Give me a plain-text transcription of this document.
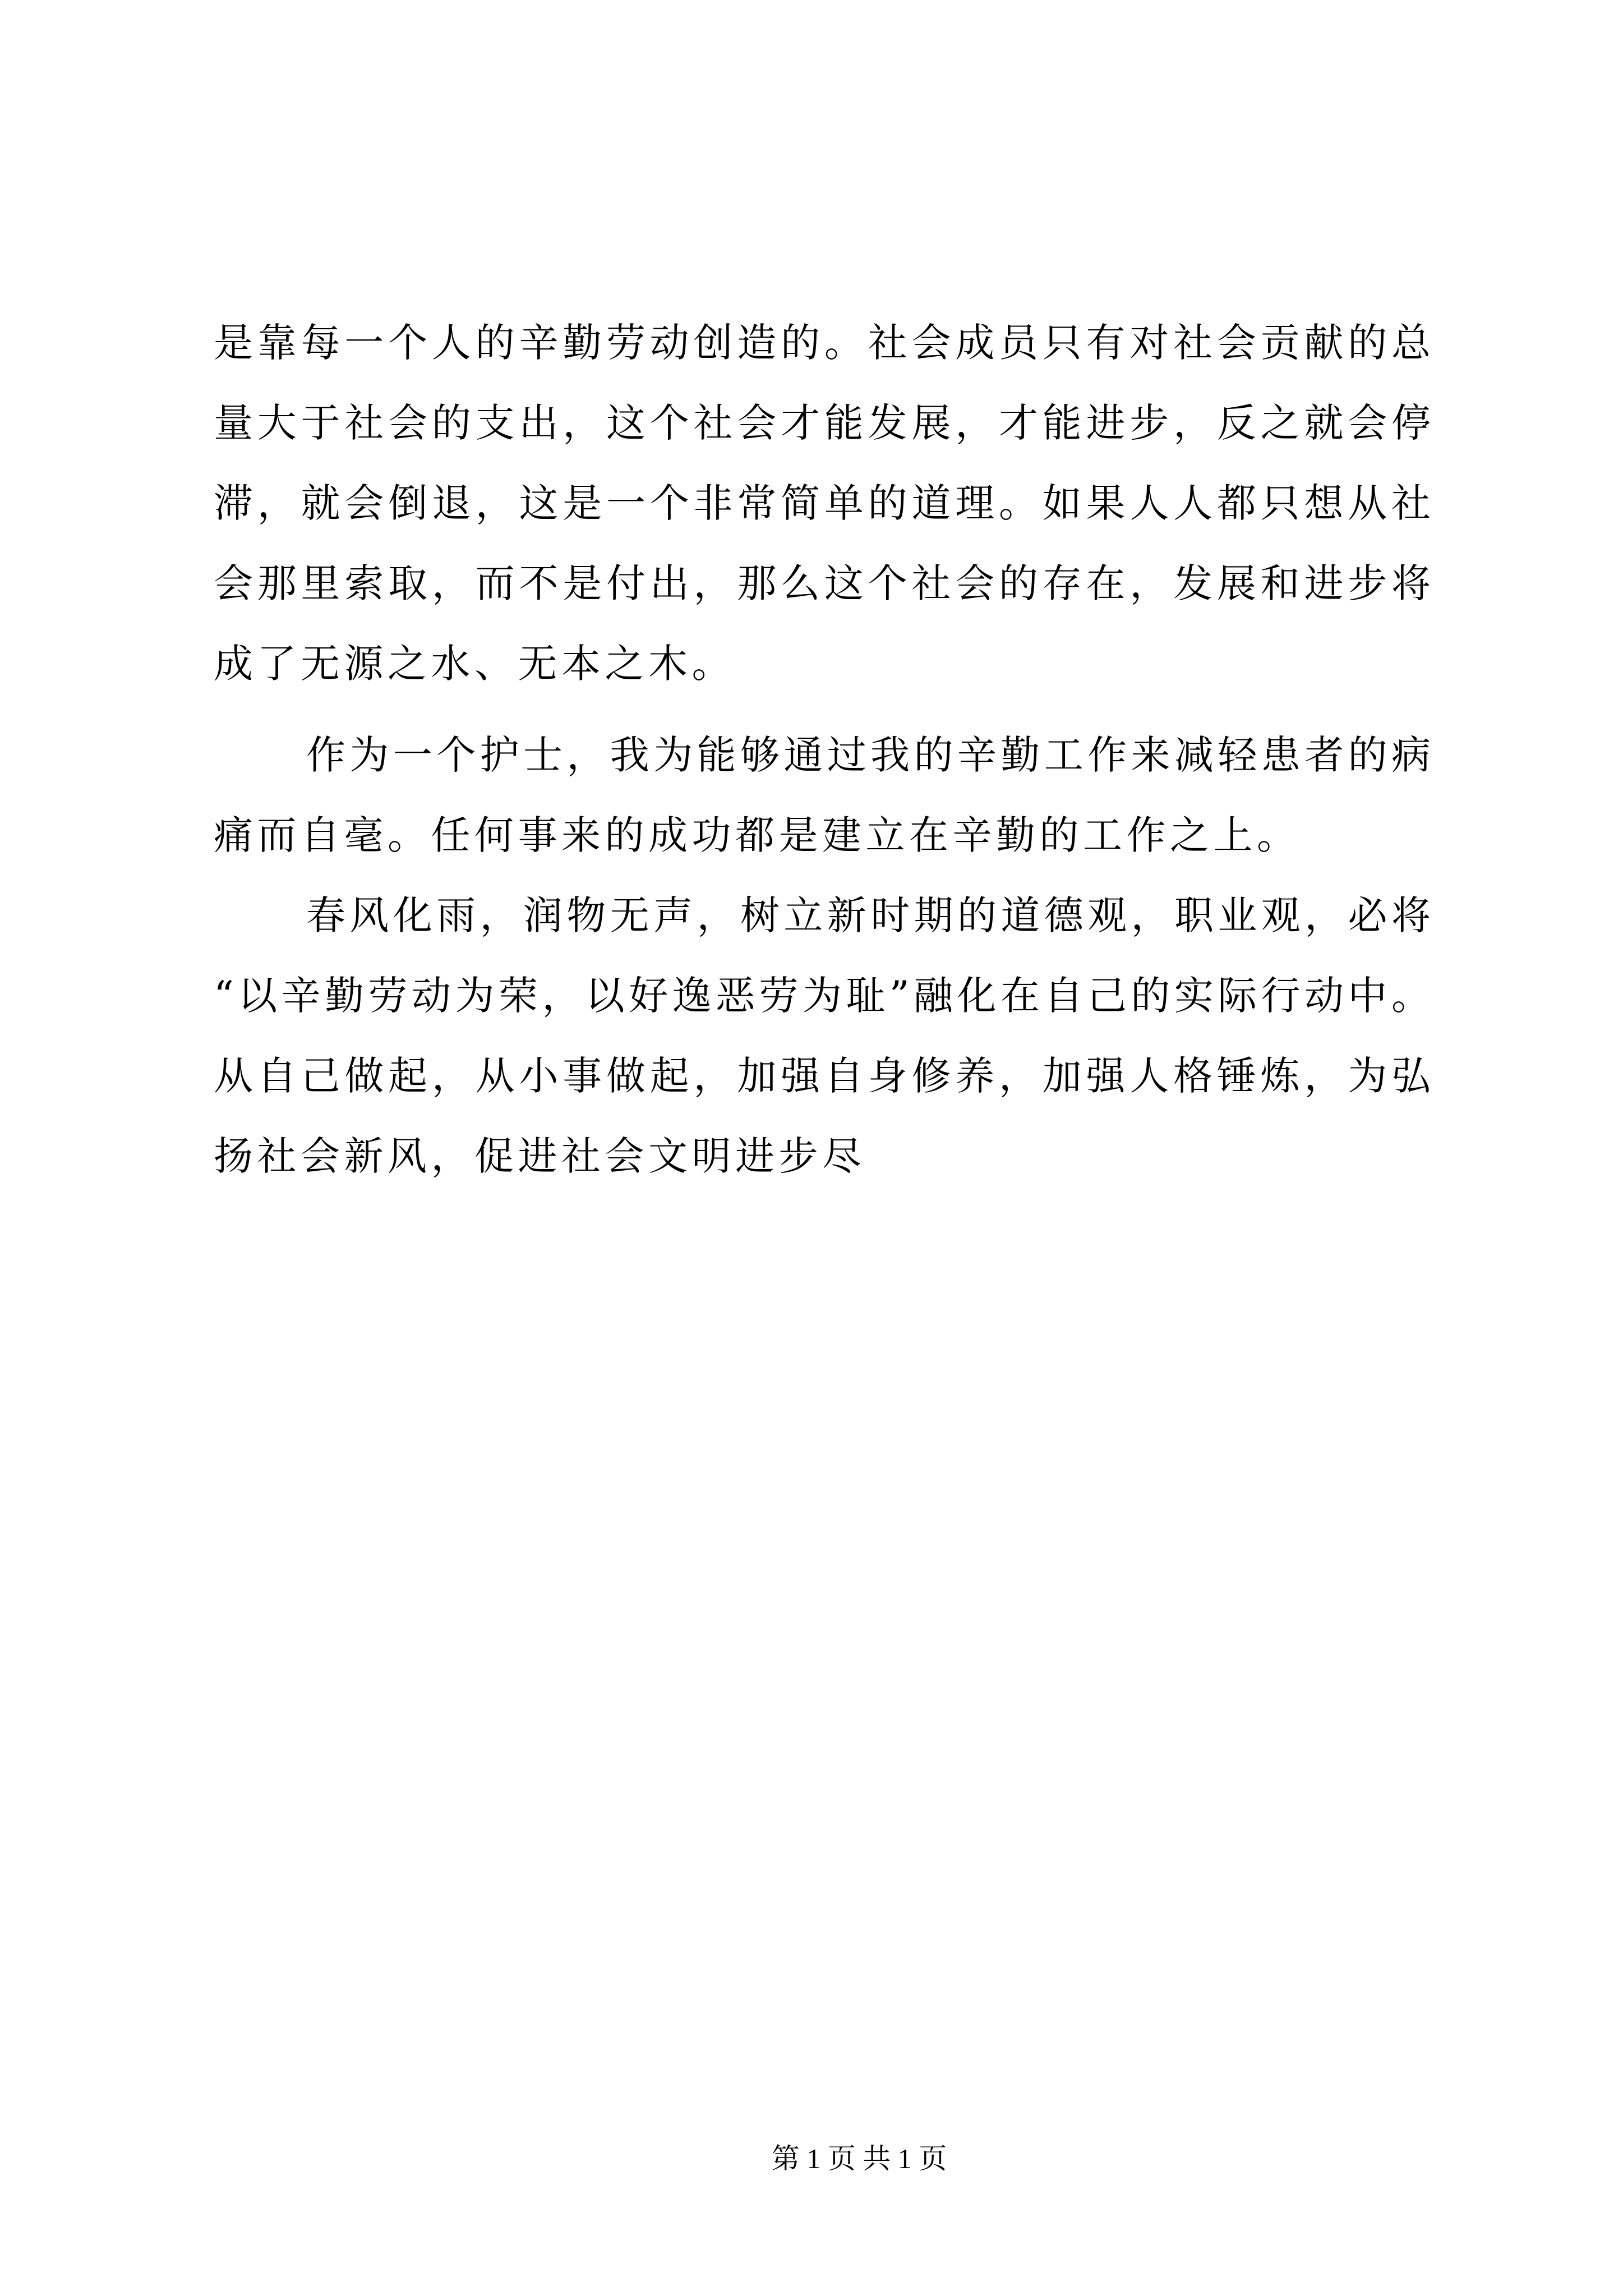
是靠每一个人的辛勤劳动创造的。社会成员只有对社会贡献的总
量大于社会的支出，这个社会才能发展，才能进步，反之就会停
滞，就会倒退，这是一个非常简单的道理。如果人人都只想从社
会那里索取，而不是付出，那么这个社会的存在，发展和进步将
成了无源之水、无本之木。
作为一个护士，我为能够通过我的辛勤工作来减轻患者的病
痛而自毫。任何事来的成功都是建立在辛勤的工作之上。
春风化雨，润物无声，树立新时期的道德观，职业观，必将
“以辛勤劳动为荣，以好逸恶劳为耻”融化在自己的实际行动中。
从自己做起，从小事做起，加强自身修养，加强人格锤炼，为弘
扬社会新风，促进社会文明进步尽
第 1 页 共 1 页
